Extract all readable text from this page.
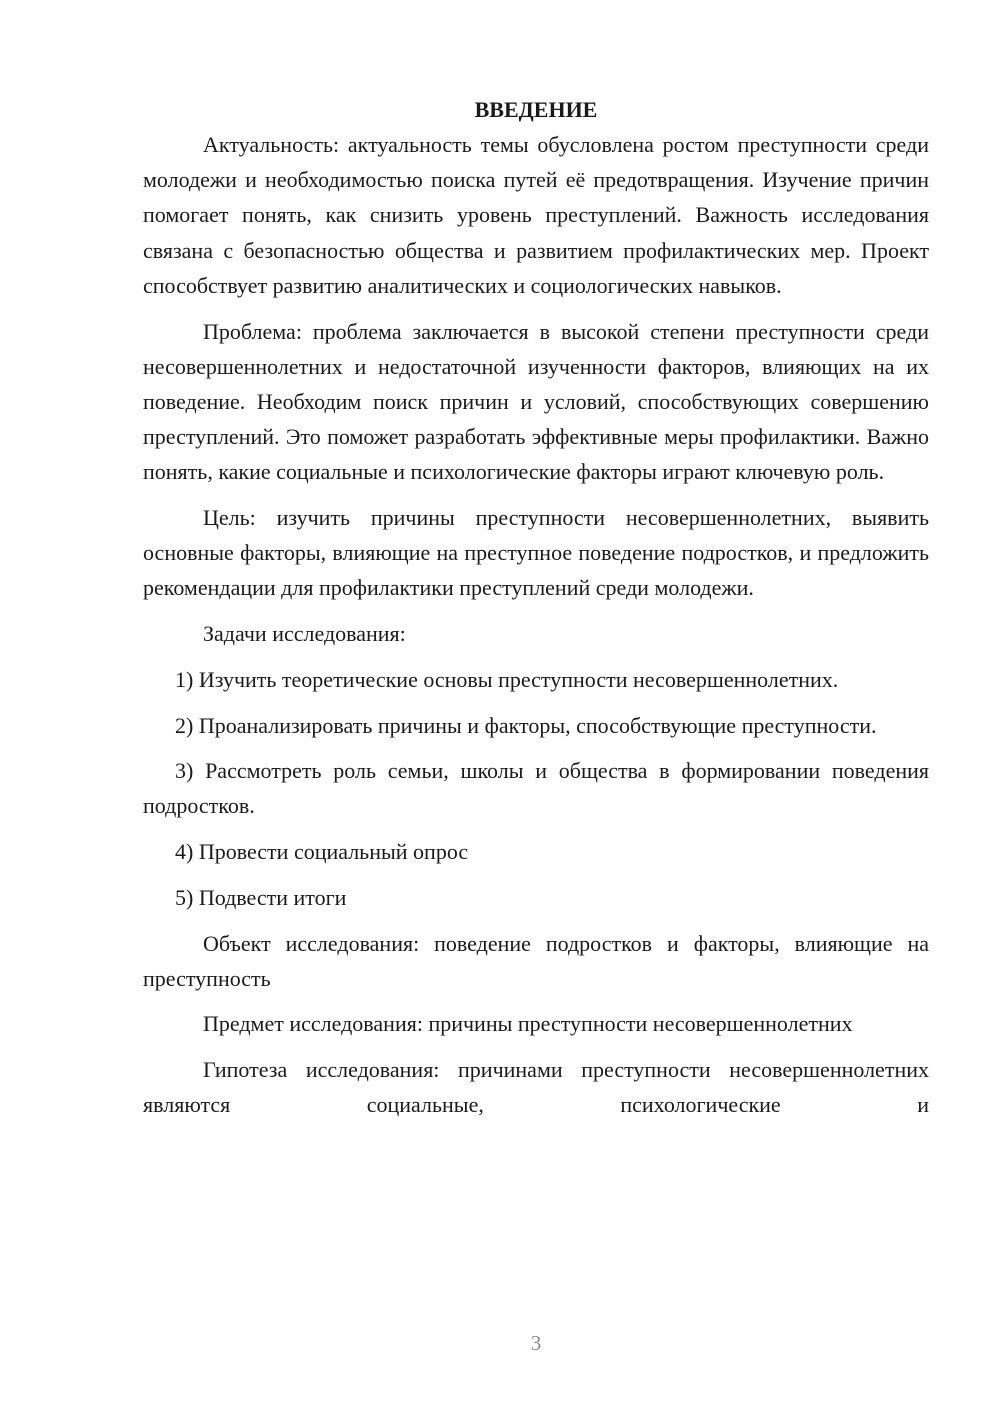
ВВЕДЕНИЕ

Актуальность: актуальность темы обусловлена ростом преступности среди молодежи и необходимостью поиска путей её предотвращения. Изучение причин помогает понять, как снизить уровень преступлений. Важность исследования связана с безопасностью общества и развитием профилактических мер. Проект способствует развитию аналитических и социологических навыков.

Проблема: проблема заключается в высокой степени преступности среди несовершеннолетних и недостаточной изученности факторов, влияющих на их поведение. Необходим поиск причин и условий, способствующих совершению преступлений. Это поможет разработать эффективные меры профилактики. Важно понять, какие социальные и психологические факторы играют ключевую роль.

Цель: изучить причины преступности несовершеннолетних, выявить основные факторы, влияющие на преступное поведение подростков, и предложить рекомендации для профилактики преступлений среди молодежи.

Задачи исследования:

1) Изучить теоретические основы преступности несовершеннолетних.

2) Проанализировать причины и факторы, способствующие преступности.

3) Рассмотреть роль семьи, школы и общества в формировании поведения подростков.

4) Провести социальный опрос

5) Подвести итоги

Объект исследования: поведение подростков и факторы, влияющие на преступность

Предмет исследования: причины преступности несовершеннолетних

Гипотеза исследования: причинами преступности несовершеннолетних являются социальные, психологические и

3
